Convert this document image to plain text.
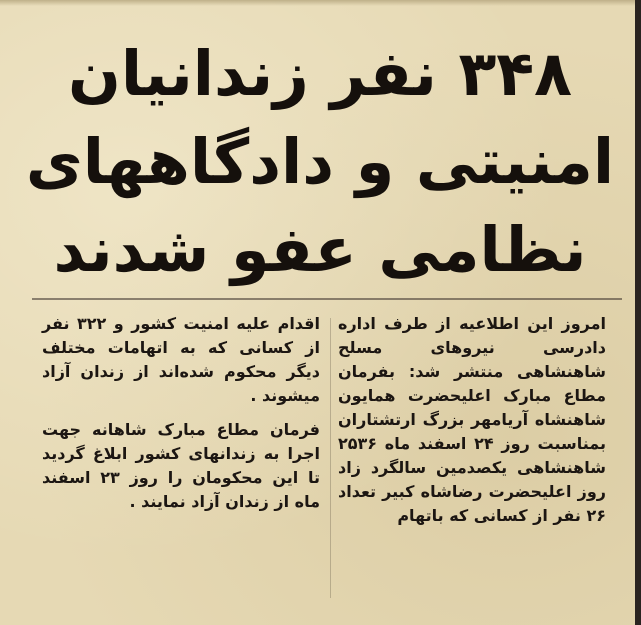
۳۴۸ نفر زندانیان
امنیتی و دادگاههای
نظامی عفو شدند
امروز این اطلاعیه از طرف اداره دادرسی نیروهای مسلح شاهنشاهی منتشر شد: بفرمان مطاع مبارک اعلیحضرت همایون شاهنشاه آریامهر بزرگ ارتشتاران بمناسبت روز ۲۴ اسفند ماه ۲۵۳۶ شاهنشاهی یکصدمین سالگرد زاد روز اعلیحضرت رضاشاه کبیر تعداد ۲۶ نفر از کسانی که باتهام
اقدام علیه امنیت کشور و ۳۲۲ نفر از کسانی که به اتهامات مختلف دیگر محکوم شده‌اند از زندان آزاد میشوند .
فرمان مطاع مبارک شاهانه جهت اجرا به زندانهای کشور ابلاغ گردید تا این محکومان را روز ۲۳ اسفند ماه از زندان آزاد نمایند .
